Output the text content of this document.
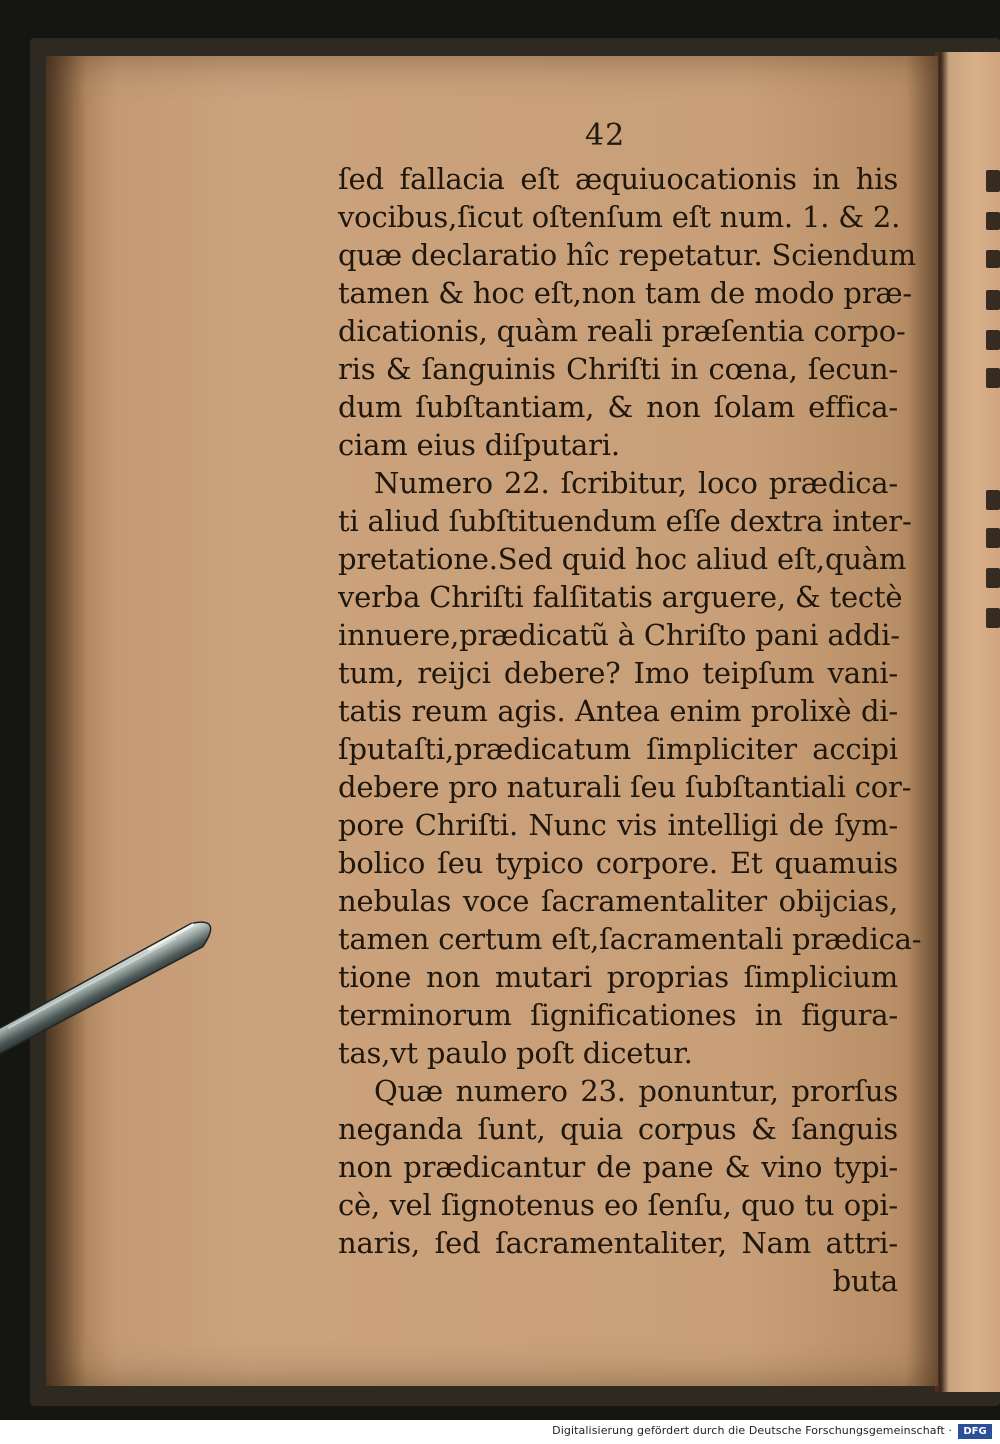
42
ſed fallacia eſt æquiuocationis in his
vocibus,ſicut oſtenſum eſt num. 1. & 2.
quæ declaratio hîc repetatur. Sciendum
tamen & hoc eſt,non tam de modo præ-
dicationis, quàm reali præſentia corpo-
ris & ſanguinis Chriſti in cœna, ſecun-
dum ſubſtantiam, & non ſolam effica-
ciam eius diſputari.
Numero 22. ſcribitur, loco prædica-
ti aliud ſubſtituendum eſſe dextra inter-
pretatione.Sed quid hoc aliud eſt,quàm
verba Chriſti falſitatis arguere, & tectè
innuere,prædicatũ à Chriſto pani addi-
tum, reijci debere? Imo teipſum vani-
tatis reum agis. Antea enim prolixè di-
ſputaſti,prædicatum ſimpliciter accipi
debere pro naturali ſeu ſubſtantiali cor-
pore Chriſti. Nunc vis intelligi de ſym-
bolico ſeu typico corpore. Et quamuis
nebulas voce ſacramentaliter obijcias,
tamen certum eſt,ſacramentali prædica-
tione non mutari proprias ſimplicium
terminorum ſignificationes in figura-
tas,vt paulo poſt dicetur.
Quæ numero 23. ponuntur, prorſus
neganda ſunt, quia corpus & ſanguis
non prædicantur de pane & vino typi-
cè, vel ſignotenus eo ſenſu, quo tu opi-
naris, ſed ſacramentaliter, Nam attri-
buta
Digitalisierung gefördert durch die Deutsche Forschungsgemeinschaft ·	DFG
